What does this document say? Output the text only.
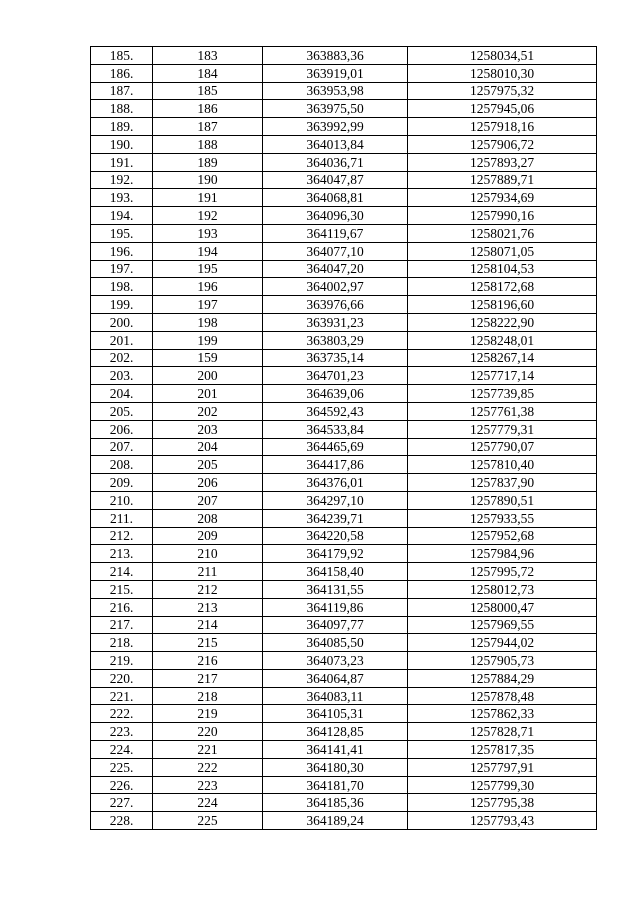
185.	183	363883,36	1258034,51
186.	184	363919,01	1258010,30
187.	185	363953,98	1257975,32
188.	186	363975,50	1257945,06
189.	187	363992,99	1257918,16
190.	188	364013,84	1257906,72
191.	189	364036,71	1257893,27
192.	190	364047,87	1257889,71
193.	191	364068,81	1257934,69
194.	192	364096,30	1257990,16
195.	193	364119,67	1258021,76
196.	194	364077,10	1258071,05
197.	195	364047,20	1258104,53
198.	196	364002,97	1258172,68
199.	197	363976,66	1258196,60
200.	198	363931,23	1258222,90
201.	199	363803,29	1258248,01
202.	159	363735,14	1258267,14
203.	200	364701,23	1257717,14
204.	201	364639,06	1257739,85
205.	202	364592,43	1257761,38
206.	203	364533,84	1257779,31
207.	204	364465,69	1257790,07
208.	205	364417,86	1257810,40
209.	206	364376,01	1257837,90
210.	207	364297,10	1257890,51
211.	208	364239,71	1257933,55
212.	209	364220,58	1257952,68
213.	210	364179,92	1257984,96
214.	211	364158,40	1257995,72
215.	212	364131,55	1258012,73
216.	213	364119,86	1258000,47
217.	214	364097,77	1257969,55
218.	215	364085,50	1257944,02
219.	216	364073,23	1257905,73
220.	217	364064,87	1257884,29
221.	218	364083,11	1257878,48
222.	219	364105,31	1257862,33
223.	220	364128,85	1257828,71
224.	221	364141,41	1257817,35
225.	222	364180,30	1257797,91
226.	223	364181,70	1257799,30
227.	224	364185,36	1257795,38
228.	225	364189,24	1257793,43
